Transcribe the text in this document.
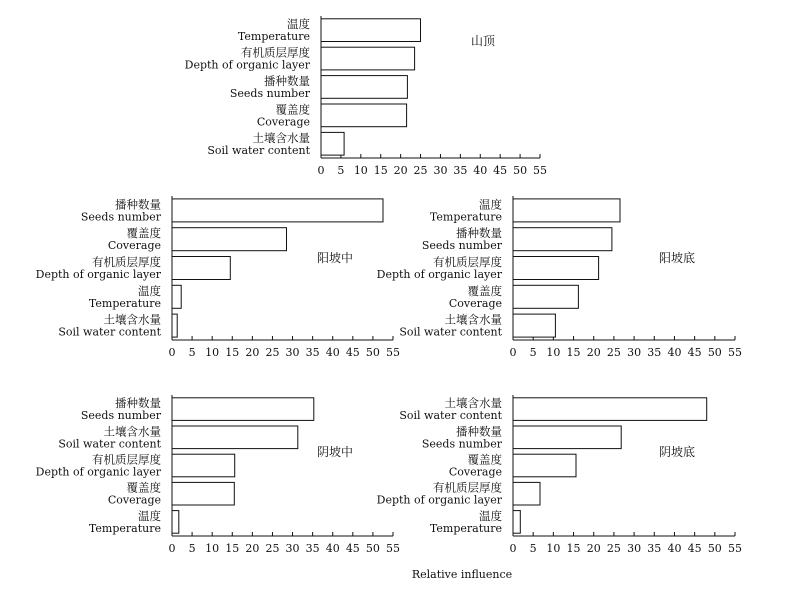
0 5 10 15 20 25 30 35 40 45 50 55
温度
Temperature
有机质层厚度
Depth of organic layer
播种数量
Seeds number
覆盖度
Coverage
土壤含水量
Soil water content
山顶
0 5 10 15 20 25 30 35 40 45 50 55
播种数量
Seeds number
覆盖度
Coverage
有机质层厚度
Depth of organic layer
温度
Temperature
土壤含水量
Soil water content
阳坡中
0 5 10 15 20 25 30 35 40 45 50 55
温度
Temperature
播种数量
Seeds number
有机质层厚度
Depth of organic layer
覆盖度
Coverage
土壤含水量
Soil water content
阳坡底
0 5 10 15 20 25 30 35 40 45 50 55
播种数量
Seeds number
土壤含水量
Soil water content
有机质层厚度
Depth of organic layer
覆盖度
Coverage
温度
Temperature
阴坡中
0 5 10 15 20 25 30 35 40 45 50 55
土壤含水量
Soil water content
播种数量
Seeds number
覆盖度
Coverage
有机质层厚度
Depth of organic layer
温度
Temperature
阴坡底
Relative influence
